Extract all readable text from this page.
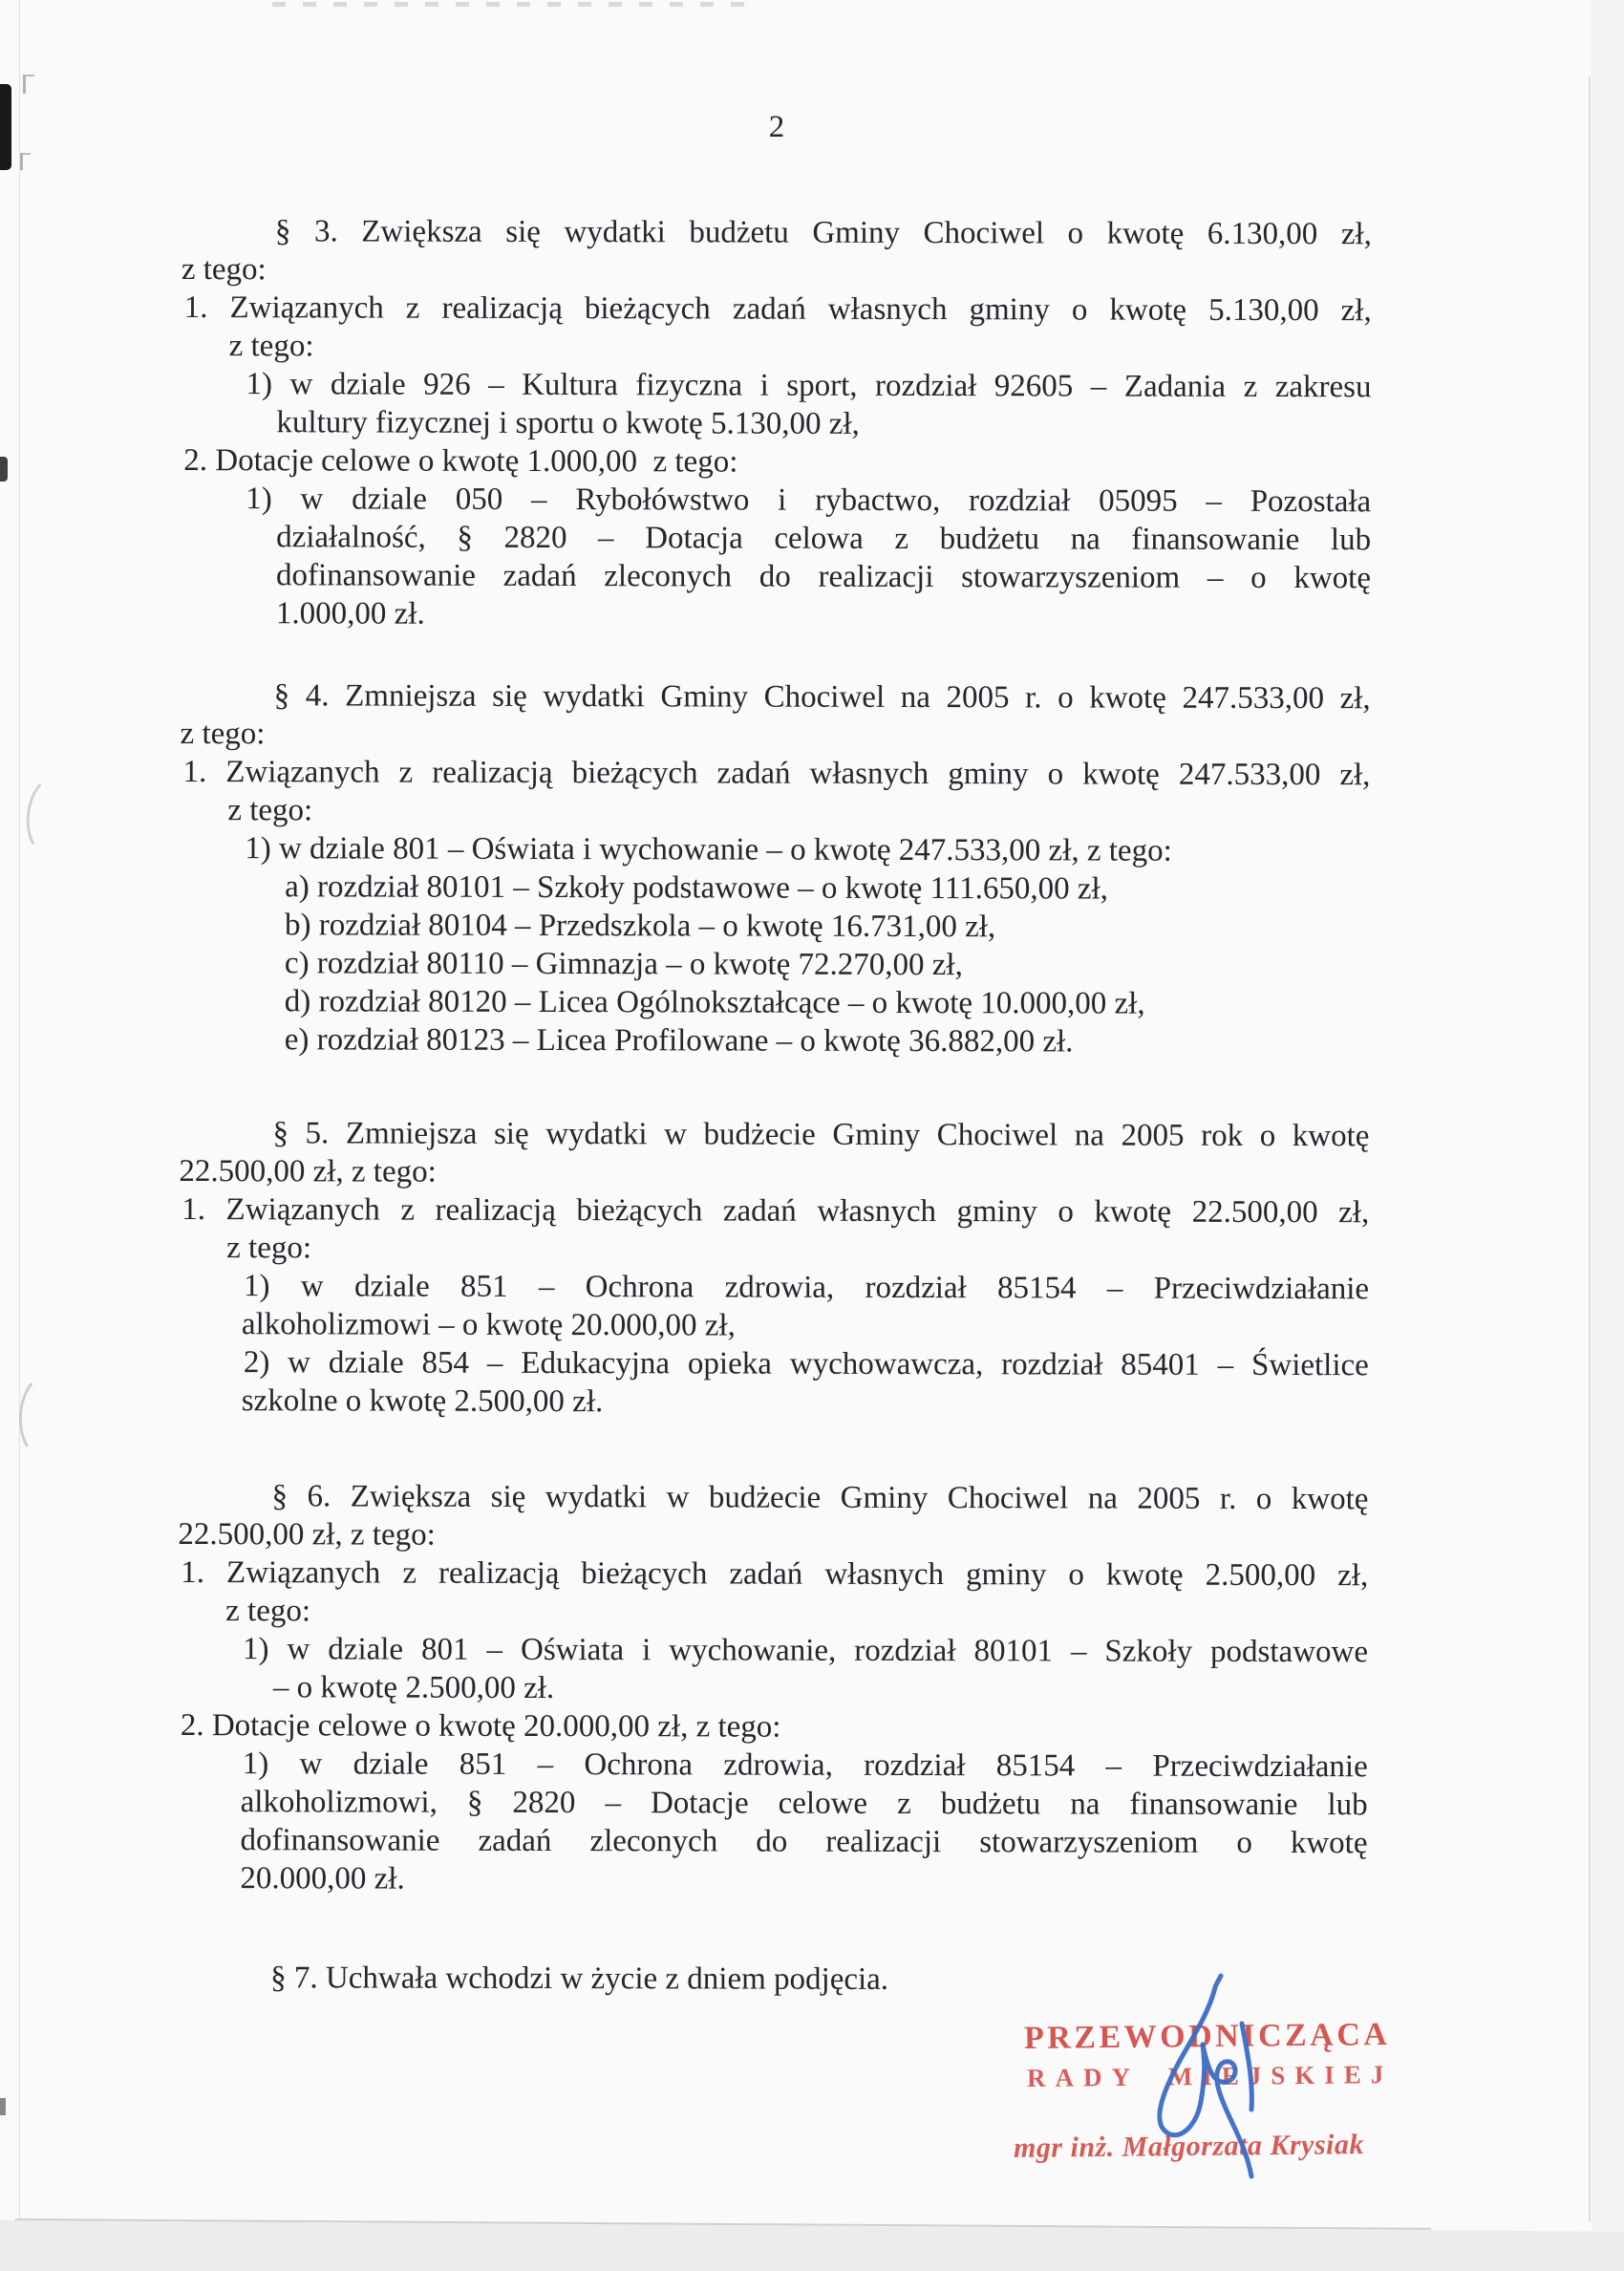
2
§ 3. Zwiększa się wydatki budżetu Gminy Chociwel o kwotę 6.130,00 zł,
z tego:
1. Związanych z realizacją bieżących zadań własnych gminy o kwotę 5.130,00 zł,
z tego:
1) w dziale 926 – Kultura fizyczna i sport, rozdział 92605 – Zadania z zakresu
kultury fizycznej i sportu o kwotę 5.130,00 zł,
2. Dotacje celowe o kwotę 1.000,00  z tego:
1) w dziale 050 – Rybołówstwo i rybactwo, rozdział 05095 – Pozostała
działalność, § 2820 – Dotacja celowa z budżetu na finansowanie lub
dofinansowanie zadań zleconych do realizacji stowarzyszeniom – o kwotę
1.000,00 zł.
§ 4. Zmniejsza się wydatki Gminy Chociwel na 2005 r. o kwotę 247.533,00 zł,
z tego:
1. Związanych z realizacją bieżących zadań własnych gminy o kwotę 247.533,00 zł,
z tego:
1) w dziale 801 – Oświata i wychowanie – o kwotę 247.533,00 zł, z tego:
a) rozdział 80101 – Szkoły podstawowe – o kwotę 111.650,00 zł,
b) rozdział 80104 – Przedszkola – o kwotę 16.731,00 zł,
c) rozdział 80110 – Gimnazja – o kwotę 72.270,00 zł,
d) rozdział 80120 – Licea Ogólnokształcące – o kwotę 10.000,00 zł,
e) rozdział 80123 – Licea Profilowane – o kwotę 36.882,00 zł.
§ 5. Zmniejsza się wydatki w budżecie Gminy Chociwel na 2005 rok o kwotę
22.500,00 zł, z tego:
1. Związanych z realizacją bieżących zadań własnych gminy o kwotę 22.500,00 zł,
z tego:
1) w dziale 851 – Ochrona zdrowia, rozdział 85154 – Przeciwdziałanie
alkoholizmowi – o kwotę 20.000,00 zł,
2) w dziale 854 – Edukacyjna opieka wychowawcza, rozdział 85401 – Świetlice
szkolne o kwotę 2.500,00 zł.
§ 6. Zwiększa się wydatki w budżecie Gminy Chociwel na 2005 r. o kwotę
22.500,00 zł, z tego:
1. Związanych z realizacją bieżących zadań własnych gminy o kwotę 2.500,00 zł,
z tego:
1) w dziale 801 – Oświata i wychowanie, rozdział 80101 – Szkoły podstawowe
– o kwotę 2.500,00 zł.
2. Dotacje celowe o kwotę 20.000,00 zł, z tego:
1) w dziale 851 – Ochrona zdrowia, rozdział 85154 – Przeciwdziałanie
alkoholizmowi, § 2820 – Dotacje celowe z budżetu na finansowanie lub
dofinansowanie zadań zleconych do realizacji stowarzyszeniom o kwotę
20.000,00 zł.
§ 7. Uchwała wchodzi w życie z dniem podjęcia.
PRZEWODNICZĄCA
RADY MIEJSKIEJ
mgr inż. Małgorzata Krysiak
